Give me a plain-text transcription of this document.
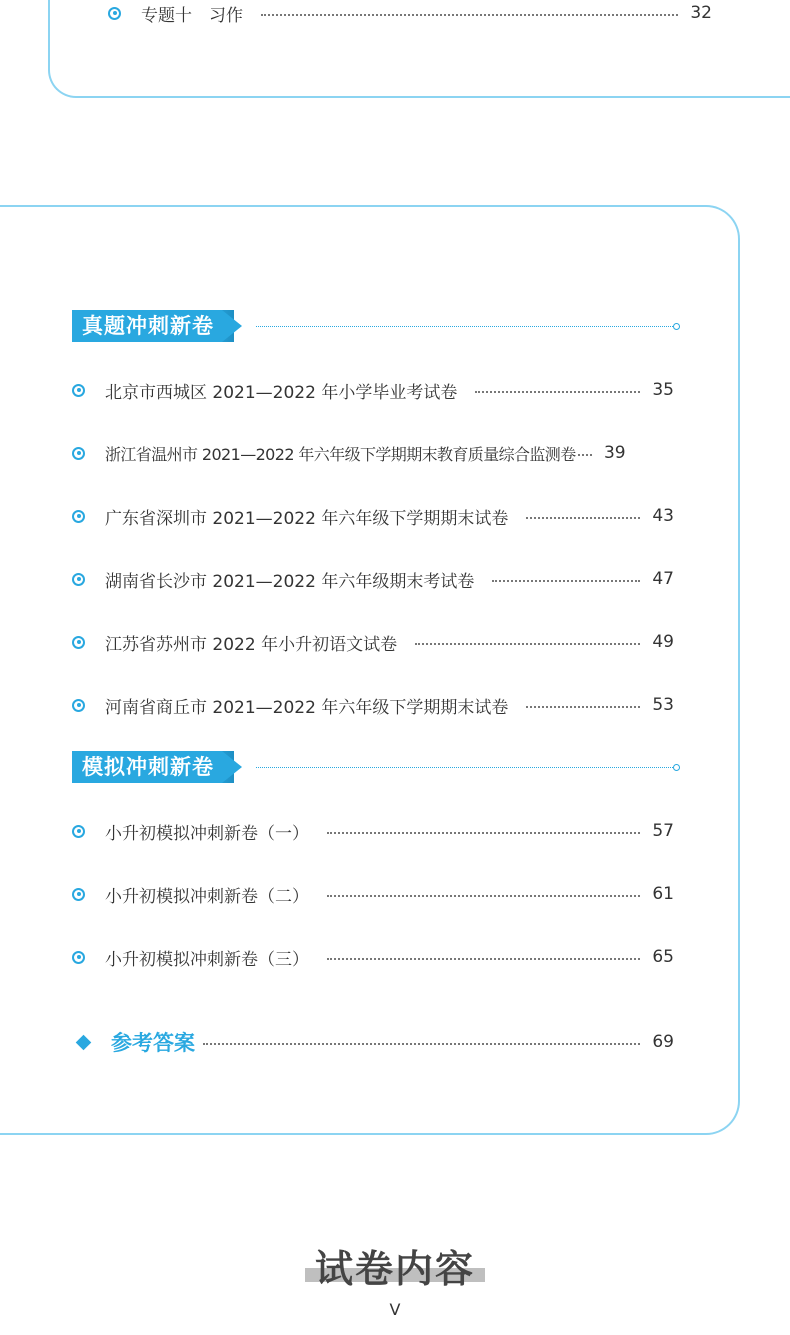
专题十　习作	32
真题冲刺新卷
北京市西城区 2021—2022 年小学毕业考试卷	35
浙江省温州市 2021—2022 年六年级下学期期末教育质量综合监测卷 39
广东省深圳市 2021—2022 年六年级下学期期末试卷	43
湖南省长沙市 2021—2022 年六年级期末考试卷	47
江苏省苏州市 2022 年小升初语文试卷	49
河南省商丘市 2021—2022 年六年级下学期期末试卷	53
模拟冲刺新卷
小升初模拟冲刺新卷（一）	57
小升初模拟冲刺新卷（二）	61
小升初模拟冲刺新卷（三）	65
参考答案	69
试卷内容
V
